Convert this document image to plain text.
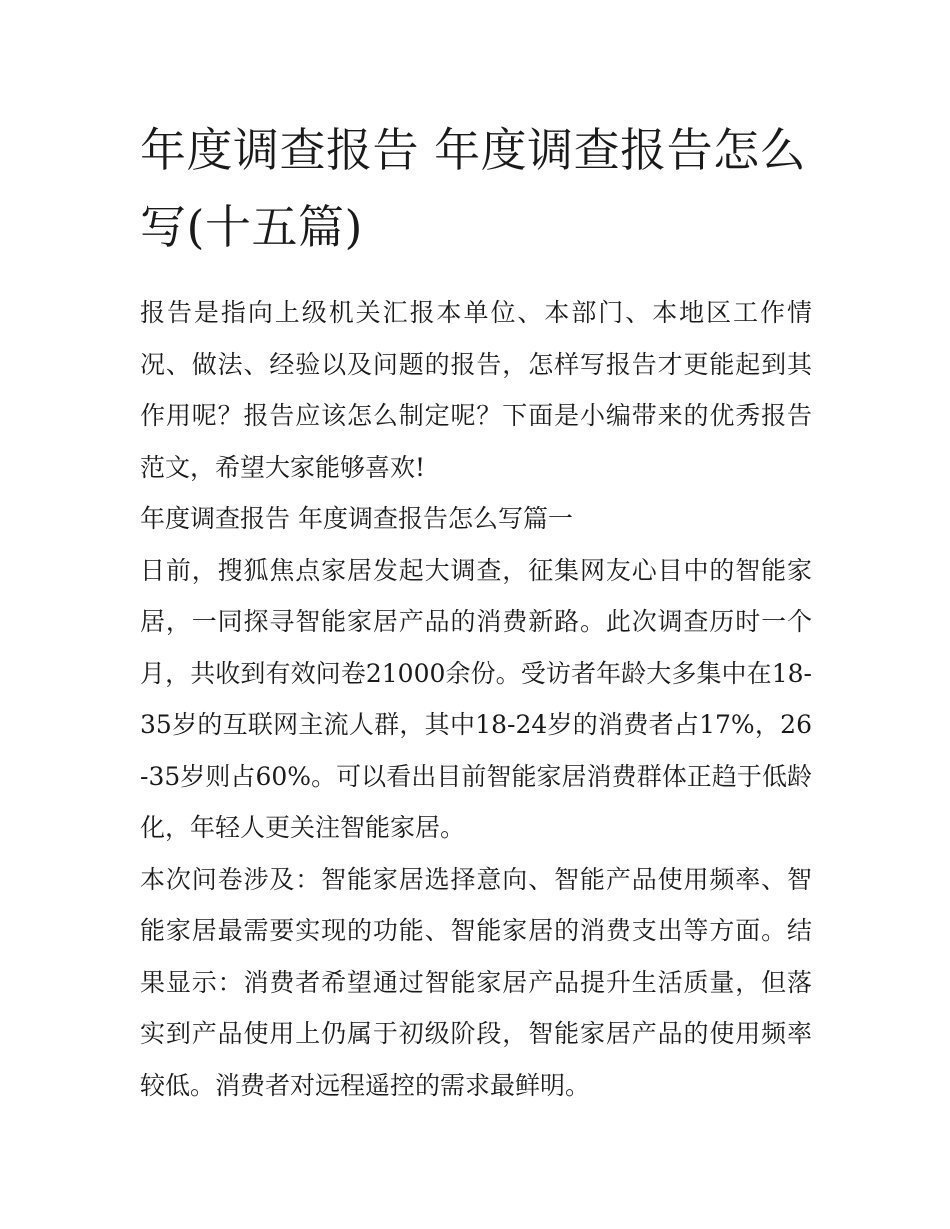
年度调查报告 年度调查报告怎么写(十五篇)

报告是指向上级机关汇报本单位、本部门、本地区工作情况、做法、经验以及问题的报告，怎样写报告才更能起到其作用呢？报告应该怎么制定呢？下面是小编带来的优秀报告范文，希望大家能够喜欢!

年度调查报告 年度调查报告怎么写篇一

日前，搜狐焦点家居发起大调查，征集网友心目中的智能家居，一同探寻智能家居产品的消费新路。此次调查历时一个月，共收到有效问卷21000余份。受访者年龄大多集中在18-35岁的互联网主流人群，其中18-24岁的消费者占17%，26-35岁则占60%。可以看出目前智能家居消费群体正趋于低龄化，年轻人更关注智能家居。

本次问卷涉及：智能家居选择意向、智能产品使用频率、智能家居最需要实现的功能、智能家居的消费支出等方面。结果显示：消费者希望通过智能家居产品提升生活质量，但落实到产品使用上仍属于初级阶段，智能家居产品的使用频率较低。消费者对远程遥控的需求最鲜明。
